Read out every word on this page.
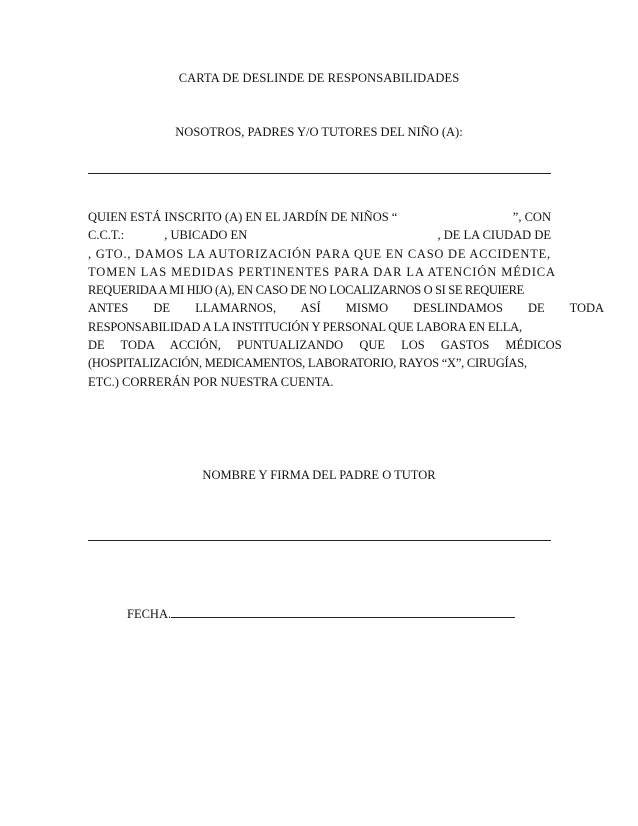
CARTA DE DESLINDE DE RESPONSABILIDADES
NOSOTROS, PADRES Y/O TUTORES DEL NIÑO (A):
QUIEN ESTÁ INSCRITO (A) EN EL JARDÍN DE NIÑOS “	”, CON
C.C.T.:	, UBICADO EN	, DE LA CIUDAD DE
, GTO., DAMOS LA AUTORIZACIÓN PARA QUE EN CASO DE ACCIDENTE,
TOMEN LAS MEDIDAS PERTINENTES PARA DAR LA ATENCIÓN MÉDICA
REQUERIDA A MI HIJO (A), EN CASO DE NO LOCALIZARNOS O SI SE REQUIERE
ANTES DE LLAMARNOS, ASÍ MISMO DESLINDAMOS DE TODA
RESPONSABILIDAD A LA INSTITUCIÓN Y PERSONAL QUE LABORA EN ELLA,
DE TODA ACCIÓN, PUNTUALIZANDO QUE LOS GASTOS MÉDICOS
(HOSPITALIZACIÓN, MEDICAMENTOS, LABORATORIO, RAYOS “X”, CIRUGÍAS,
ETC.) CORRERÁN POR NUESTRA CUENTA.
NOMBRE Y FIRMA DEL PADRE O TUTOR
FECHA.
